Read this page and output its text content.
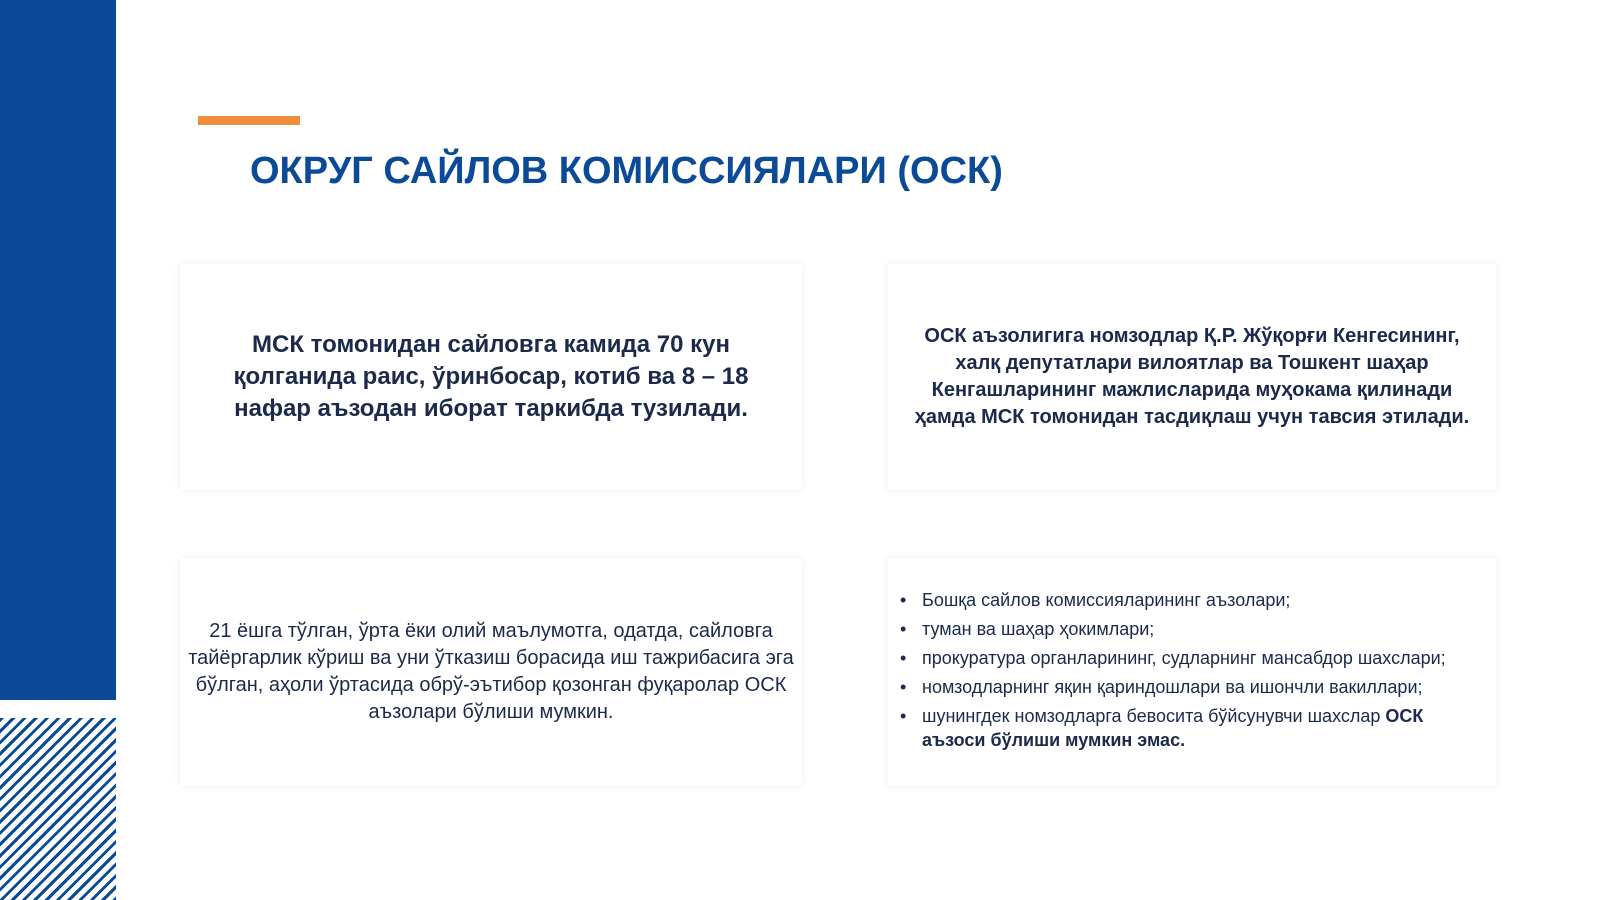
ОКРУГ САЙЛОВ КОМИССИЯЛАРИ (ОСК)

МСК томонидан сайловга камида 70 кун қолганида раис, ўринбосар, котиб ва 8 – 18 нафар аъзодан иборат таркибда тузилади.

ОСК аъзолигига номзодлар Қ.Р. Жўқорғи Кенгесининг, халқ депутатлари вилоятлар ва Тошкент шаҳар Кенгашларининг мажлисларида муҳокама қилинади ҳамда МСК томонидан тасдиқлаш учун тавсия этилади.

21 ёшга тўлган, ўрта ёки олий маълумотга, одатда, сайловга тайёргарлик кўриш ва уни ўтказиш борасида иш тажрибасига эга бўлган, аҳоли ўртасида обрў-эътибор қозонган фуқаролар ОСК аъзолари бўлиши мумкин.

• Бошқа сайлов комиссияларининг аъзолари;
• туман ва шаҳар ҳокимлари;
• прокуратура органларининг, судларнинг мансабдор шахслари;
• номзодларнинг яқин қариндошлари ва ишончли вакиллари;
• шунингдек номзодларга бевосита бўйсунувчи шахслар ОСК аъзоси бўлиши мумкин эмас.
